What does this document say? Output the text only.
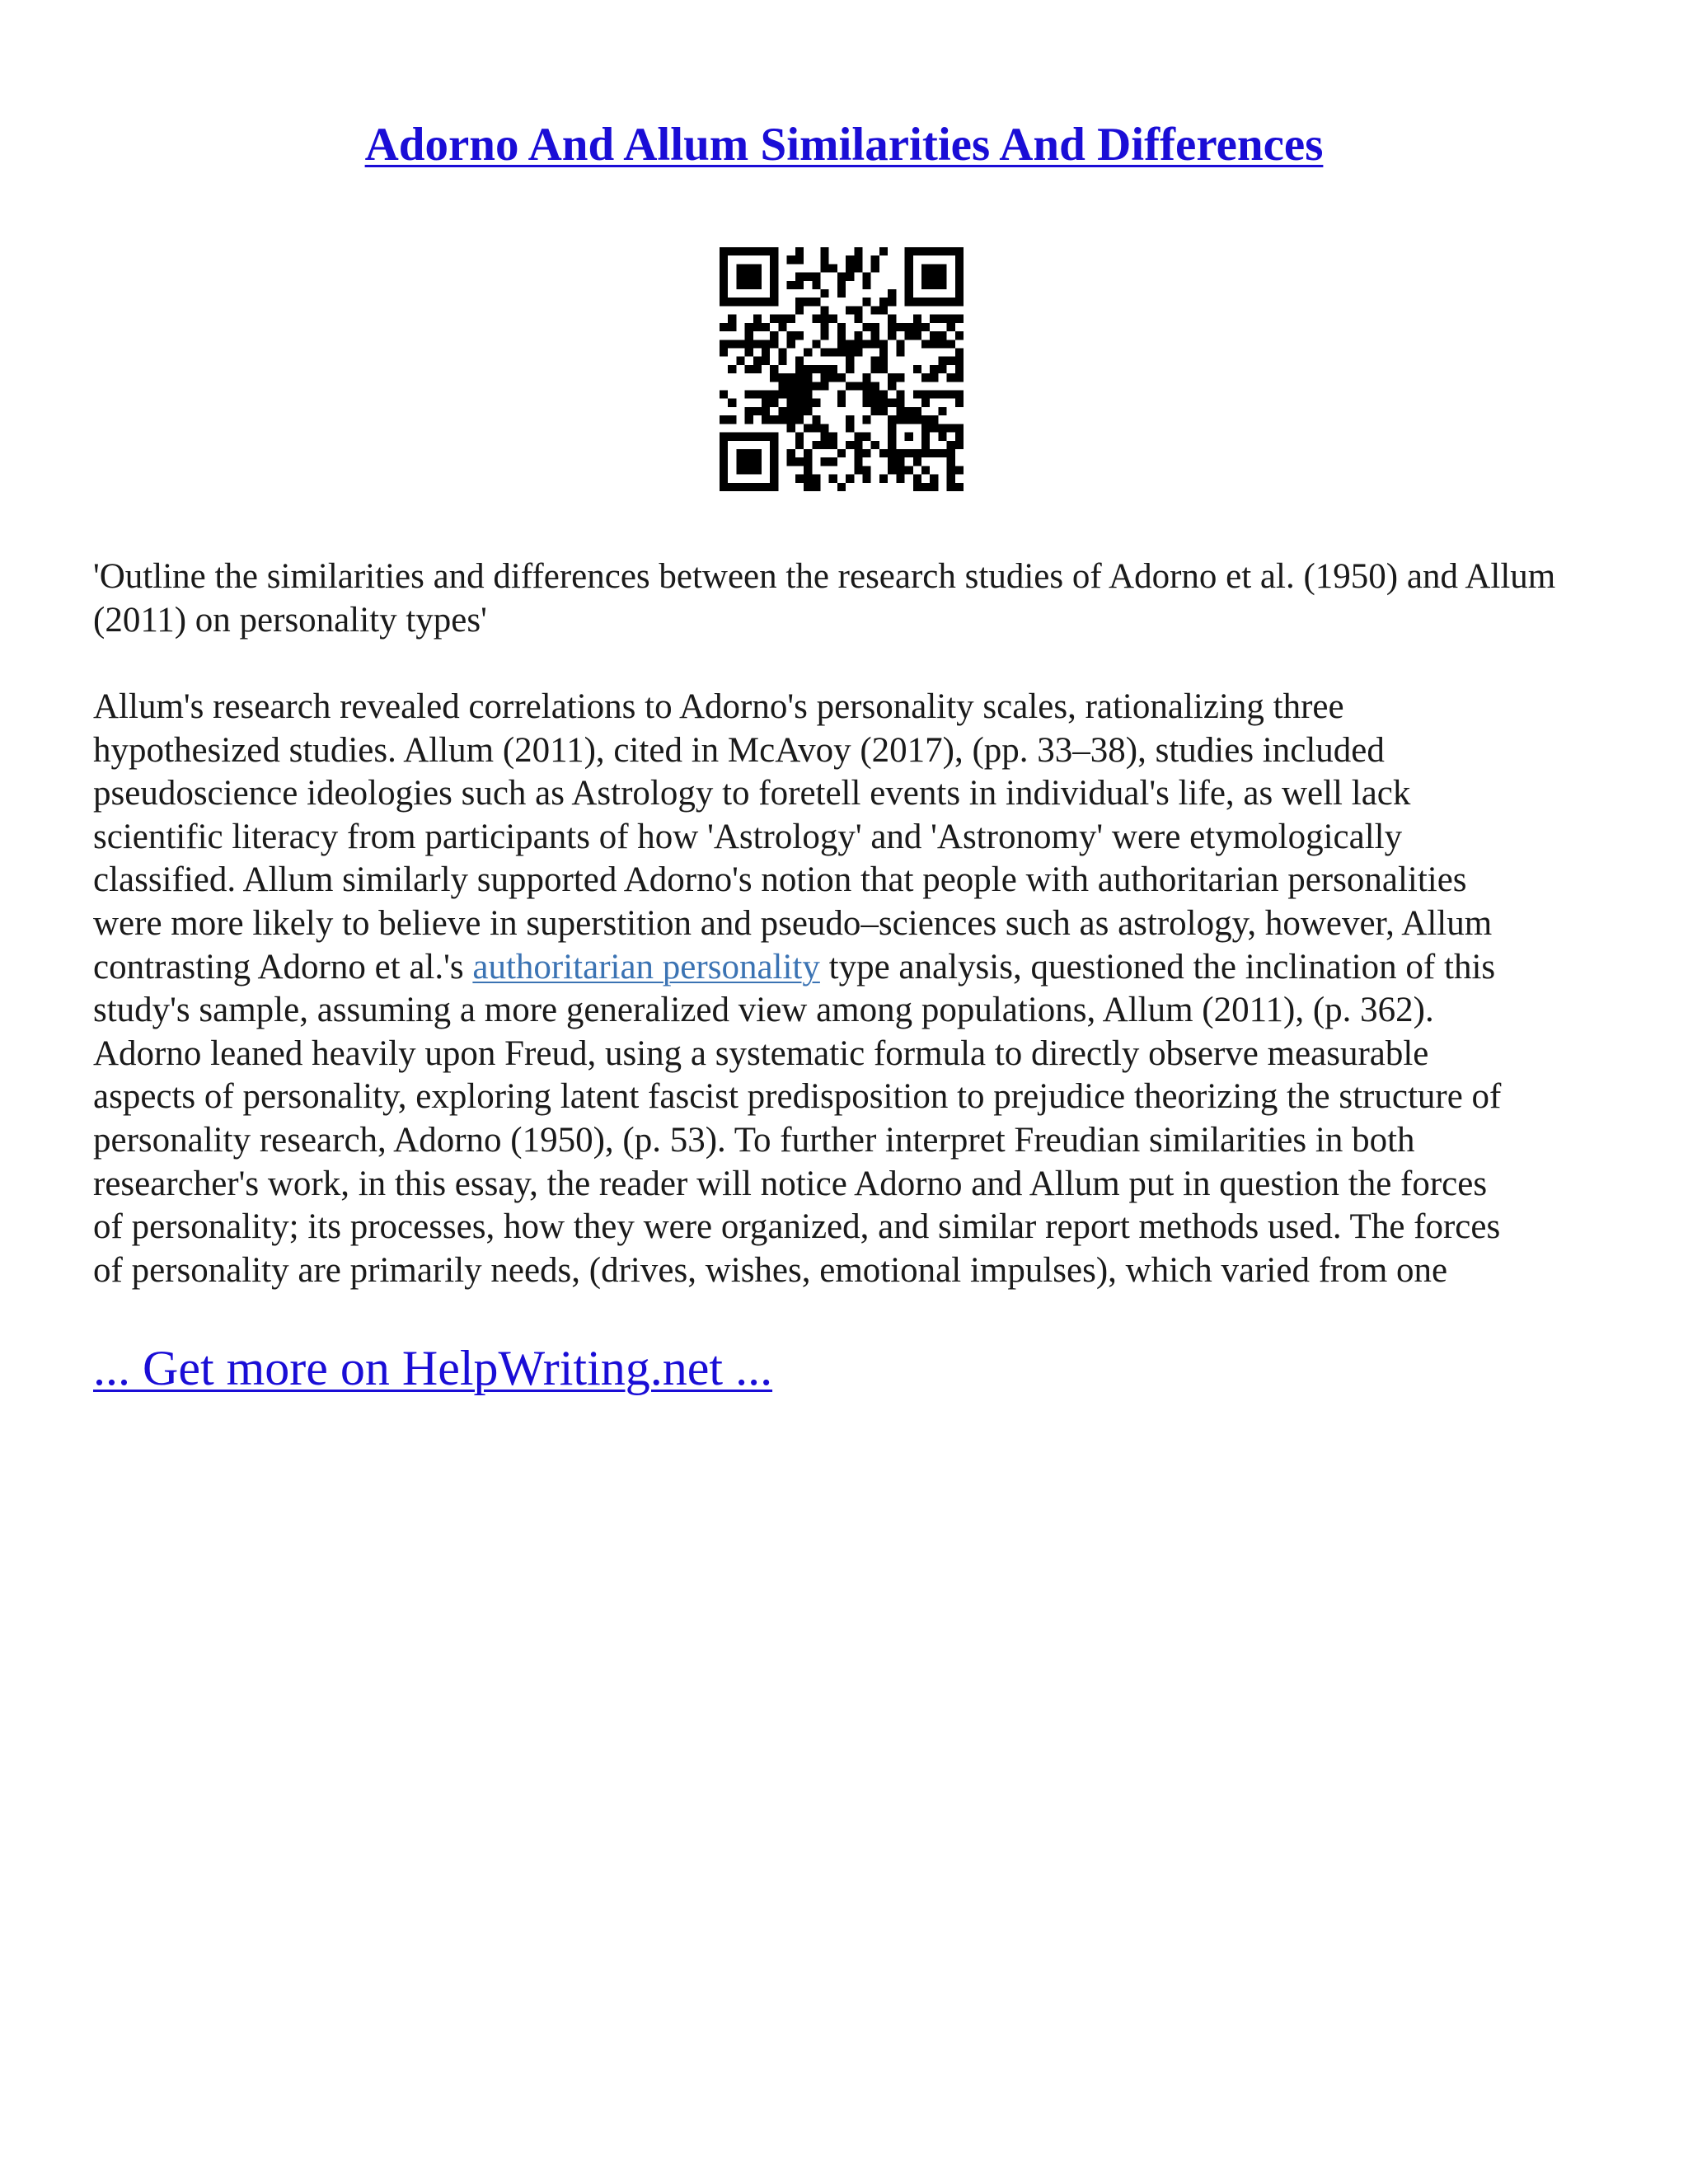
Adorno And Allum Similarities And Differences

'Outline the similarities and differences between the research studies of Adorno et al. (1950) and Allum (2011) on personality types'

Allum's research revealed correlations to Adorno's personality scales, rationalizing three
hypothesized studies. Allum (2011), cited in McAvoy (2017), (pp. 33–38), studies included
pseudoscience ideologies such as Astrology to foretell events in individual's life, as well lack
scientific literacy from participants of how 'Astrology' and 'Astronomy' were etymologically
classified. Allum similarly supported Adorno's notion that people with authoritarian personalities
were more likely to believe in superstition and pseudo–sciences such as astrology, however, Allum
contrasting Adorno et al.'s authoritarian personality type analysis, questioned the inclination of this
study's sample, assuming a more generalized view among populations, Allum (2011), (p. 362).
Adorno leaned heavily upon Freud, using a systematic formula to directly observe measurable
aspects of personality, exploring latent fascist predisposition to prejudice theorizing the structure of
personality research, Adorno (1950), (p. 53). To further interpret Freudian similarities in both
researcher's work, in this essay, the reader will notice Adorno and Allum put in question the forces
of personality; its processes, how they were organized, and similar report methods used. The forces
of personality are primarily needs, (drives, wishes, emotional impulses), which varied from one

... Get more on HelpWriting.net ...
